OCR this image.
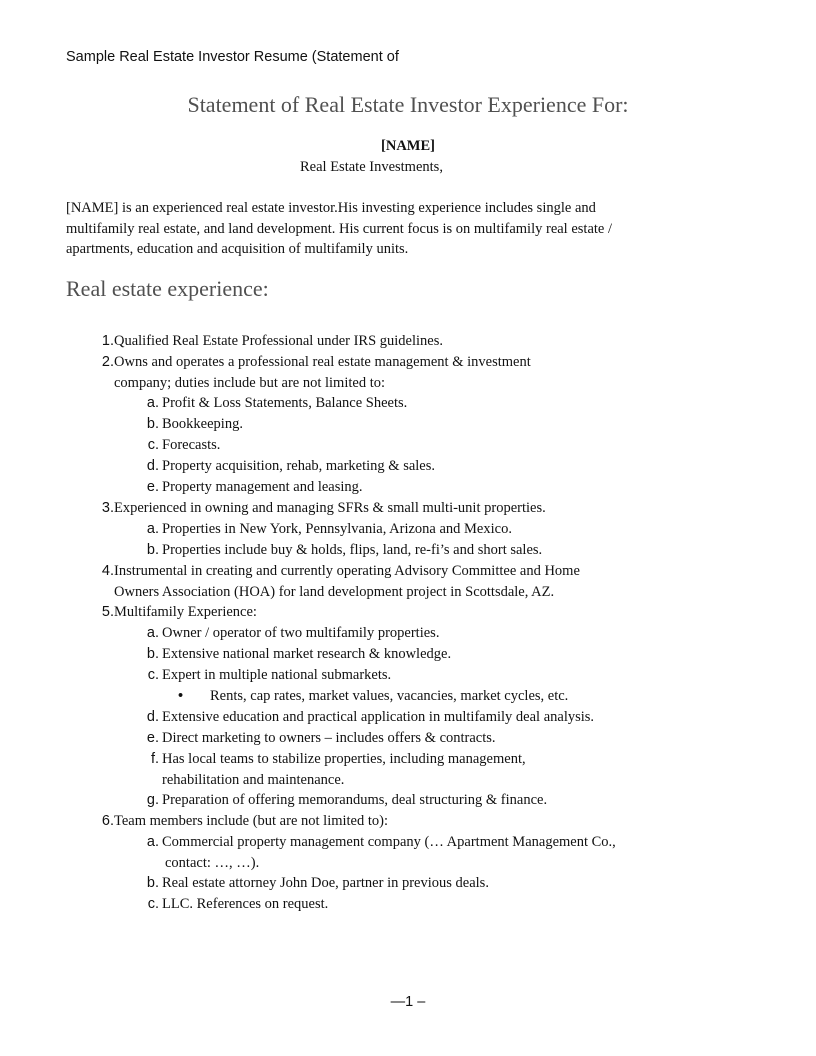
Sample Real Estate Investor Resume (Statement of
Statement of Real Estate Investor Experience For:
[NAME]
Real Estate Investments,
[NAME] is an experienced real estate investor.His investing experience includes single and
multifamily real estate, and land development. His current focus is on multifamily real estate /
apartments, education and acquisition of multifamily units.
Real estate experience:
1. Qualified Real Estate Professional under IRS guidelines.
2. Owns and operates a professional real estate management & investment
company; duties include but are not limited to:
a. Profit & Loss Statements, Balance Sheets.
b. Bookkeeping.
c. Forecasts.
d. Property acquisition, rehab, marketing & sales.
e. Property management and leasing.
3. Experienced in owning and managing SFRs & small multi-unit properties.
a. Properties in New York, Pennsylvania, Arizona and Mexico.
b. Properties include buy & holds, flips, land, re-fi’s and short sales.
4. Instrumental in creating and currently operating Advisory Committee and Home
Owners Association (HOA) for land development project in Scottsdale, AZ.
5. Multifamily Experience:
a. Owner / operator of two multifamily properties.
b. Extensive national market research & knowledge.
c. Expert in multiple national submarkets.
• Rents, cap rates, market values, vacancies, market cycles, etc.
d. Extensive education and practical application in multifamily deal analysis.
e. Direct marketing to owners – includes offers & contracts.
f. Has local teams to stabilize properties, including management,
rehabilitation and maintenance.
g. Preparation of offering memorandums, deal structuring & finance.
6. Team members include (but are not limited to):
a. Commercial property management company (… Apartment Management Co.,
contact: …, …).
b. Real estate attorney John Doe, partner in previous deals.
c. LLC. References on request.
—1 –
